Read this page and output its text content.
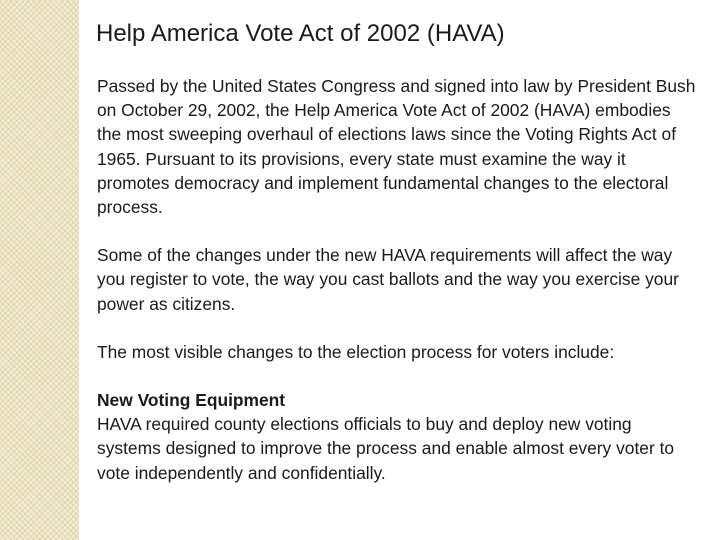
Help America Vote Act of 2002 (HAVA)

Passed by the United States Congress and signed into law by President Bush on October 29, 2002, the Help America Vote Act of 2002 (HAVA) embodies the most sweeping overhaul of elections laws since the Voting Rights Act of 1965. Pursuant to its provisions, every state must examine the way it promotes democracy and implement fundamental changes to the electoral process.

Some of the changes under the new HAVA requirements will affect the way you register to vote, the way you cast ballots and the way you exercise your power as citizens.

The most visible changes to the election process for voters include:

New Voting Equipment
HAVA required county elections officials to buy and deploy new voting systems designed to improve the process and enable almost every voter to vote independently and confidentially.
